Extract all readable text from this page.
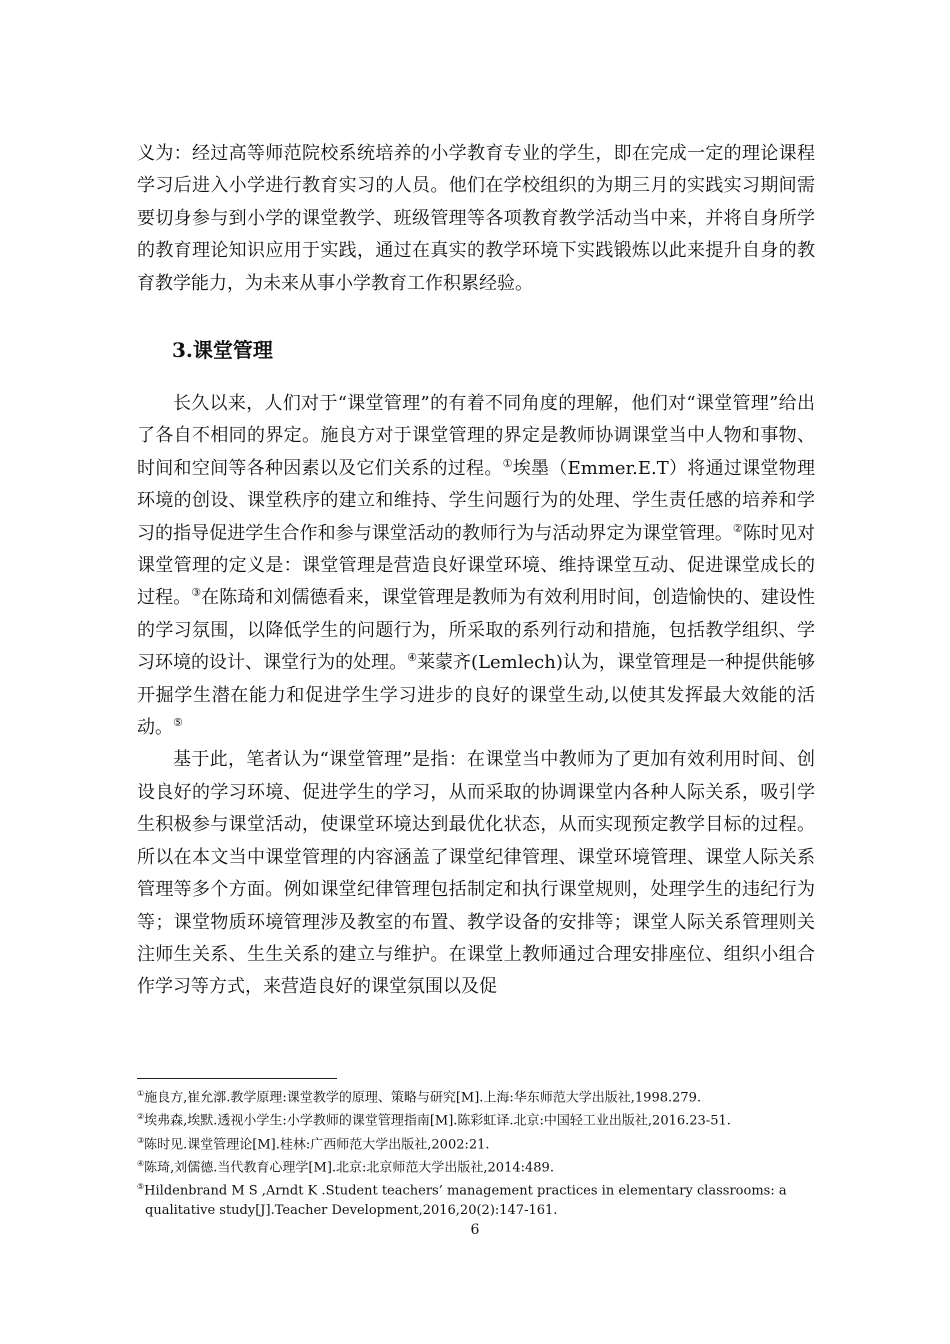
义为：经过高等师范院校系统培养的小学教育专业的学生，即在完成一定的理论课程学习后进入小学进行教育实习的人员。他们在学校组织的为期三月的实践实习期间需要切身参与到小学的课堂教学、班级管理等各项教育教学活动当中来，并将自身所学的教育理论知识应用于实践，通过在真实的教学环境下实践锻炼以此来提升自身的教育教学能力，为未来从事小学教育工作积累经验。

3.课堂管理

长久以来，人们对于“课堂管理”的有着不同角度的理解，他们对“课堂管理”给出了各自不相同的界定。施良方对于课堂管理的界定是教师协调课堂当中人物和事物、时间和空间等各种因素以及它们关系的过程。①埃墨（Emmer.E.T）将通过课堂物理环境的创设、课堂秩序的建立和维持、学生问题行为的处理、学生责任感的培养和学习的指导促进学生合作和参与课堂活动的教师行为与活动界定为课堂管理。②陈时见对课堂管理的定义是：课堂管理是营造良好课堂环境、维持课堂互动、促进课堂成长的过程。③在陈琦和刘儒德看来，课堂管理是教师为有效利用时间，创造愉快的、建设性的学习氛围，以降低学生的问题行为，所采取的系列行动和措施，包括教学组织、学习环境的设计、课堂行为的处理。④莱蒙齐(Lemlech)认为，课堂管理是一种提供能够开掘学生潜在能力和促进学生学习进步的良好的课堂生动,以使其发挥最大效能的活动。⑤

基于此，笔者认为“课堂管理”是指：在课堂当中教师为了更加有效利用时间、创设良好的学习环境、促进学生的学习，从而采取的协调课堂内各种人际关系，吸引学生积极参与课堂活动，使课堂环境达到最优化状态，从而实现预定教学目标的过程。所以在本文当中课堂管理的内容涵盖了课堂纪律管理、课堂环境管理、课堂人际关系管理等多个方面。例如课堂纪律管理包括制定和执行课堂规则，处理学生的违纪行为等；课堂物质环境管理涉及教室的布置、教学设备的安排等；课堂人际关系管理则关注师生关系、生生关系的建立与维护。在课堂上教师通过合理安排座位、组织小组合作学习等方式，来营造良好的课堂氛围以及促

①施良方,崔允漷.教学原理:课堂教学的原理、策略与研究[M].上海:华东师范大学出版社,1998.279.

②埃弗森,埃默.透视小学生:小学教师的课堂管理指南[M].陈彩虹译.北京:中国轻工业出版社,2016.23-51.

③陈时见.课堂管理论[M].桂林:广西师范大学出版社,2002:21.

④陈琦,刘儒德.当代教育心理学[M].北京:北京师范大学出版社,2014:489.

⑤Hildenbrand M S ,Arndt K .Student teachers’ management practices in elementary classrooms: a qualitative study[J].Teacher Development,2016,20(2):147-161.

6
